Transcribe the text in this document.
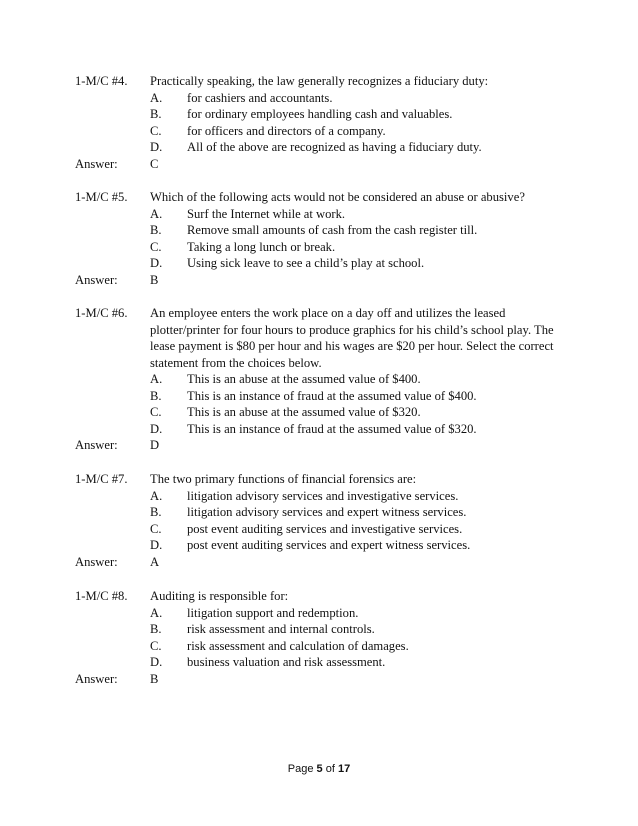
1-M/C #4.	Practically speaking, the law generally recognizes a fiduciary duty:
A.	for cashiers and accountants.
B.	for ordinary employees handling cash and valuables.
C.	for officers and directors of a company.
D.	All of the above are recognized as having a fiduciary duty.
Answer:	C
1-M/C #5.	Which of the following acts would not be considered an abuse or abusive?
A.	Surf the Internet while at work.
B.	Remove small amounts of cash from the cash register till.
C.	Taking a long lunch or break.
D.	Using sick leave to see a child’s play at school.
Answer:	B
1-M/C #6.	An employee enters the work place on a day off and utilizes the leased
plotter/printer for four hours to produce graphics for his child’s school play. The
lease payment is $80 per hour and his wages are $20 per hour. Select the correct
statement from the choices below.
A.	This is an abuse at the assumed value of $400.
B.	This is an instance of fraud at the assumed value of $400.
C.	This is an abuse at the assumed value of $320.
D.	This is an instance of fraud at the assumed value of $320.
Answer:	D
1-M/C #7.	The two primary functions of financial forensics are:
A.	litigation advisory services and investigative services.
B.	litigation advisory services and expert witness services.
C.	post event auditing services and investigative services.
D.	post event auditing services and expert witness services.
Answer:	A
1-M/C #8.	Auditing is responsible for:
A.	litigation support and redemption.
B.	risk assessment and internal controls.
C.	risk assessment and calculation of damages.
D.	business valuation and risk assessment.
Answer:	B
Page 5 of 17
